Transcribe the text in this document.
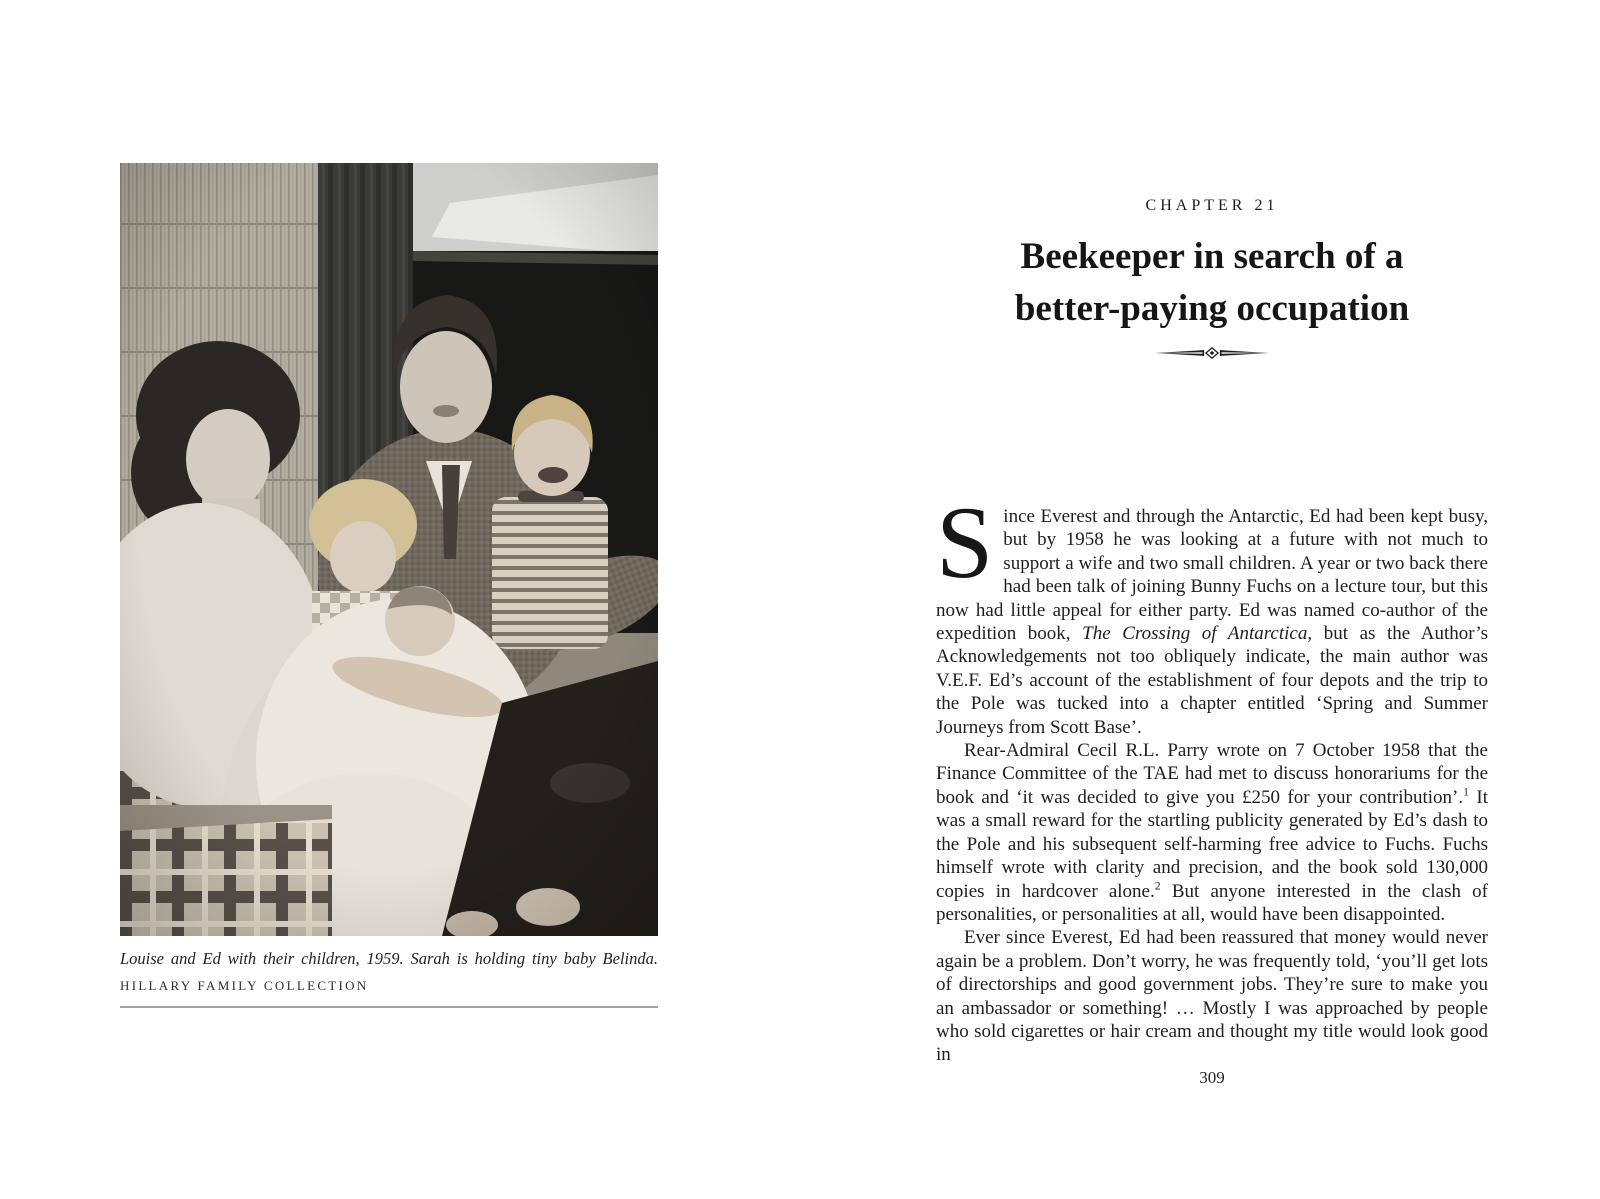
Louise and Ed with their children, 1959. Sarah is holding tiny baby Belinda.
HILLARY FAMILY COLLECTION
CHAPTER 21
Beekeeper in search of a
better-paying occupation

Since Everest and through the Antarctic, Ed had been kept busy, but by 1958 he was looking at a future with not much to support a wife and two small children. A year or two back there had been talk of joining Bunny Fuchs on a lecture tour, but this now had little appeal for either party. Ed was named co-author of the expedition book, The Crossing of Antarctica, but as the Author’s Acknowledgements not too obliquely indicate, the main author was V.E.F. Ed’s account of the establishment of four depots and the trip to the Pole was tucked into a chapter entitled ‘Spring and Summer Journeys from Scott Base’.

Rear-Admiral Cecil R.L. Parry wrote on 7 October 1958 that the Finance Committee of the TAE had met to discuss honorariums for the book and ‘it was decided to give you £250 for your contribution’.$^1$ It was a small reward for the startling publicity generated by Ed’s dash to the Pole and his subsequent self-harming free advice to Fuchs. Fuchs himself wrote with clarity and precision, and the book sold 130,000 copies in hardcover alone.$^2$ But anyone interested in the clash of personalities, or personalities at all, would have been disappointed.

Ever since Everest, Ed had been reassured that money would never again be a problem. Don’t worry, he was frequently told, ‘you’ll get lots of directorships and good government jobs. They’re sure to make you an ambassador or something! … Mostly I was approached by people who sold cigarettes or hair cream and thought my title would look good in

309
